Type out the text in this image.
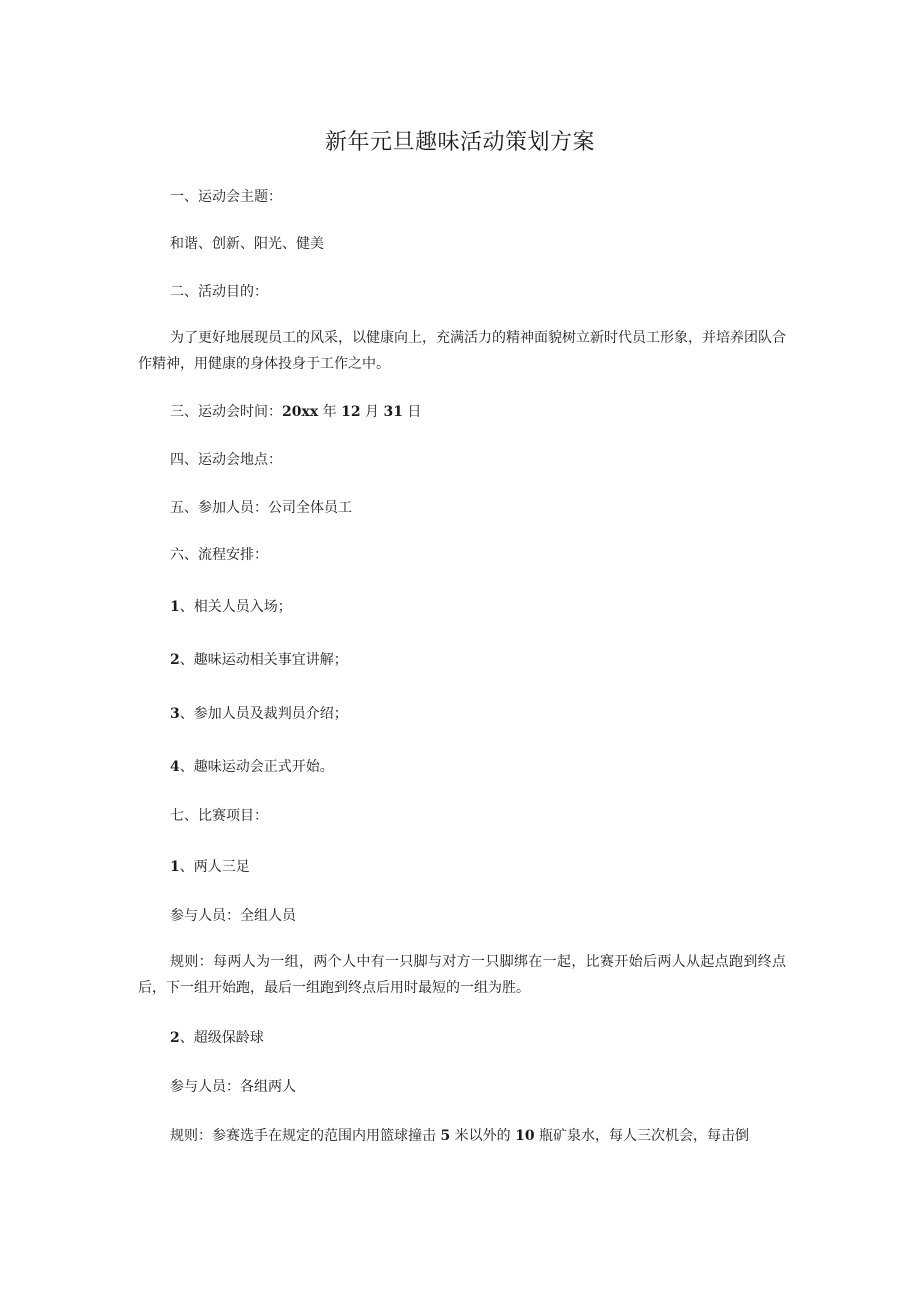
新年元旦趣味活动策划方案
一、运动会主题：
和谐、创新、阳光、健美
二、活动目的：
为了更好地展现员工的风采，以健康向上，充满活力的精神面貌树立新时代员工形象，并培养团队合作精神，用健康的身体投身于工作之中。
三、运动会时间：20xx 年 12 月 31 日
四、运动会地点：
五、参加人员：公司全体员工
六、流程安排：
1、相关人员入场；
2、趣味运动相关事宜讲解；
3、参加人员及裁判员介绍；
4、趣味运动会正式开始。
七、比赛项目：
1、两人三足
参与人员：全组人员
规则：每两人为一组，两个人中有一只脚与对方一只脚绑在一起，比赛开始后两人从起点跑到终点后，下一组开始跑，最后一组跑到终点后用时最短的一组为胜。
2、超级保龄球
参与人员：各组两人
规则：参赛选手在规定的范围内用篮球撞击 5 米以外的 10 瓶矿泉水，每人三次机会，每击倒
